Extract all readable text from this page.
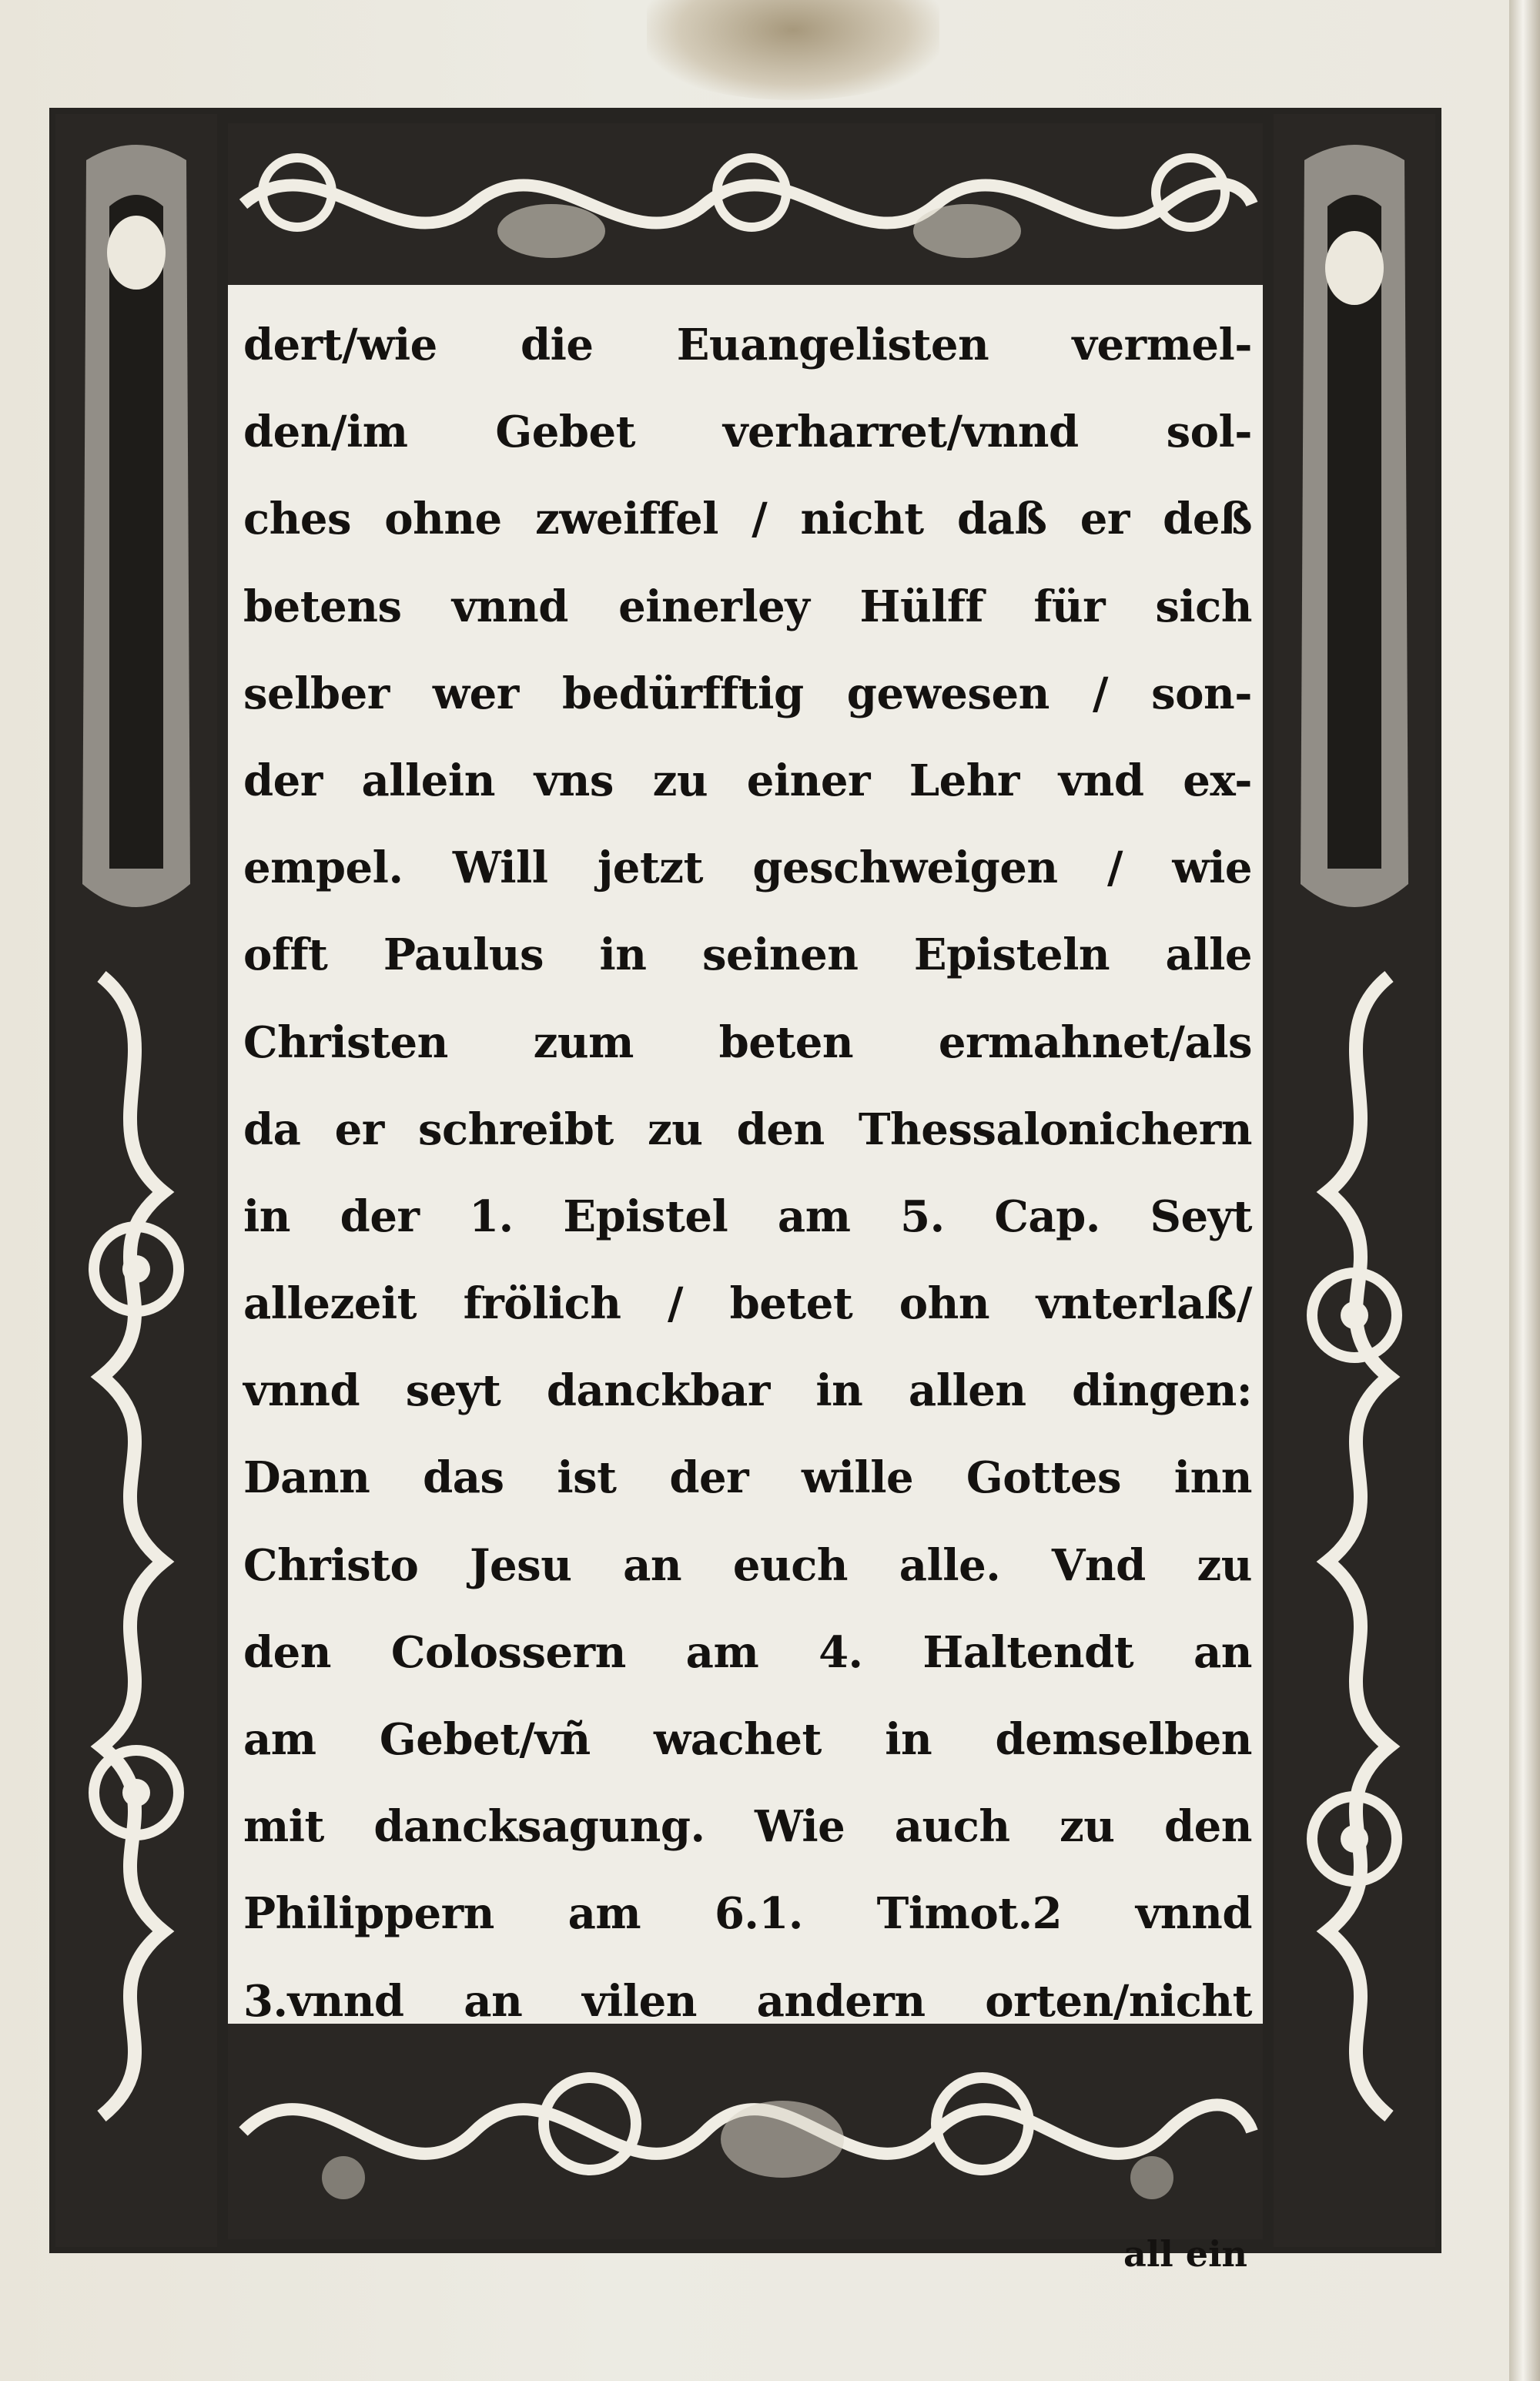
dert/wie die Euangelisten vermel-
den/im Gebet verharret/vnnd sol-
ches ohne zweiffel / nicht daß er deß
betens vnnd einerley Hülff für sich
selber wer bedürfftig gewesen / son-
der allein vns zu einer Lehr vnd ex-
empel. Will jetzt geschweigen / wie
offt Paulus in seinen Episteln alle
Christen zum beten ermahnet/als
da er schreibt zu den Thessalonichern
in der 1. Epistel am 5. Cap. Seyt
allezeit frölich / betet ohn vnterlaß/
vnnd seyt danckbar in allen dingen:
Dann das ist der wille Gottes inn
Christo Jesu an euch alle. Vnd zu
den Colossern am 4. Haltendt an
am Gebet/vñ wachet in demselben
mit dancksagung. Wie auch zu den
Philippern am 6.1. Timot.2 vnnd
3.vnnd an vilen andern orten/nicht
all ein
